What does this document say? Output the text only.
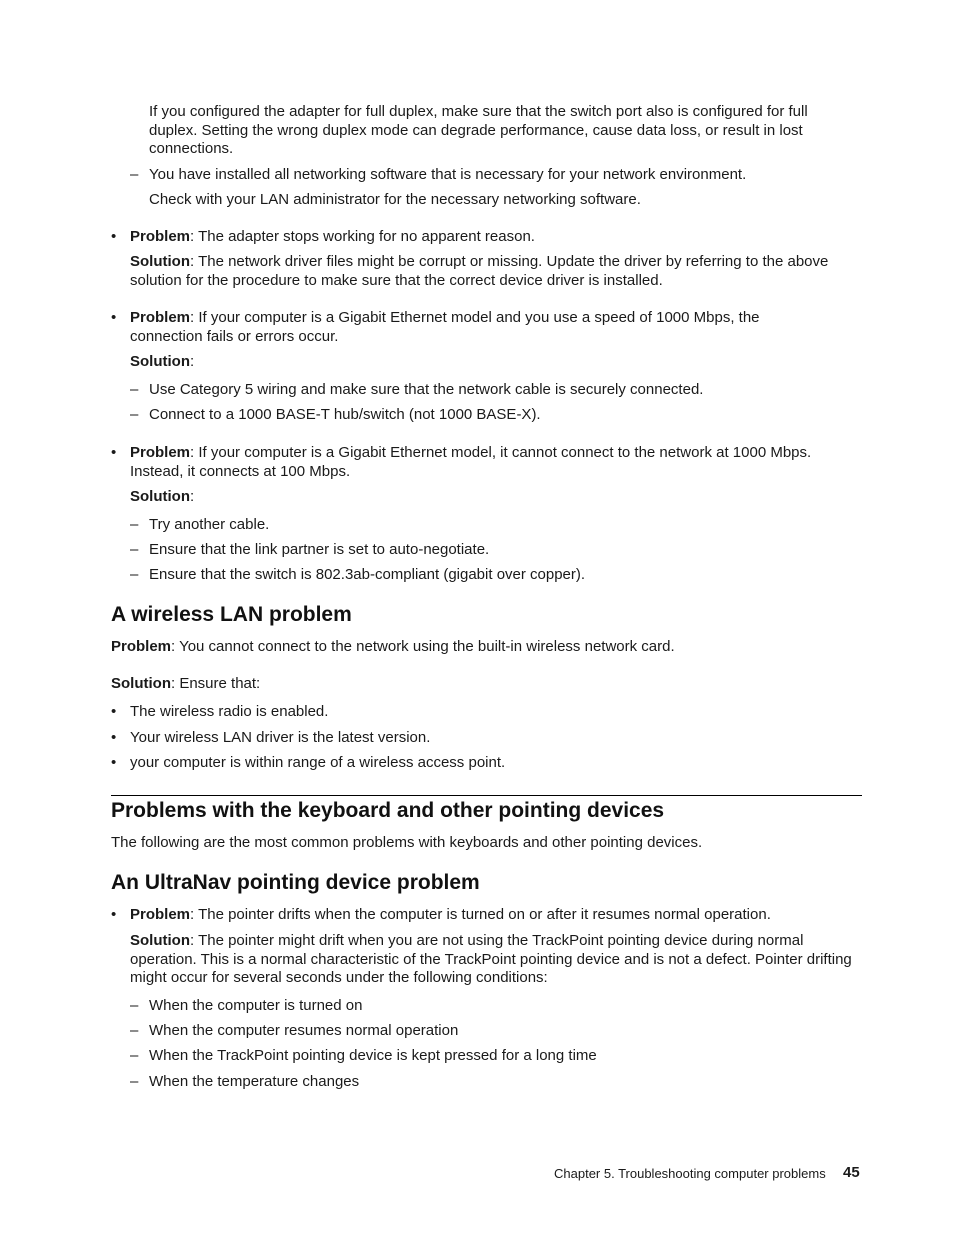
If you configured the adapter for full duplex, make sure that the switch port also is configured for full duplex. Setting the wrong duplex mode can degrade performance, cause data loss, or result in lost connections.

– You have installed all networking software that is necessary for your network environment.

Check with your LAN administrator for the necessary networking software.

• Problem: The adapter stops working for no apparent reason.

Solution: The network driver files might be corrupt or missing. Update the driver by referring to the above solution for the procedure to make sure that the correct device driver is installed.

• Problem: If your computer is a Gigabit Ethernet model and you use a speed of 1000 Mbps, the connection fails or errors occur.

Solution:

– Use Category 5 wiring and make sure that the network cable is securely connected.

– Connect to a 1000 BASE-T hub/switch (not 1000 BASE-X).

• Problem: If your computer is a Gigabit Ethernet model, it cannot connect to the network at 1000 Mbps. Instead, it connects at 100 Mbps.

Solution:

– Try another cable.

– Ensure that the link partner is set to auto-negotiate.

– Ensure that the switch is 802.3ab-compliant (gigabit over copper).

A wireless LAN problem

Problem: You cannot connect to the network using the built-in wireless network card.

Solution: Ensure that:

• The wireless radio is enabled.

• Your wireless LAN driver is the latest version.

• your computer is within range of a wireless access point.

Problems with the keyboard and other pointing devices

The following are the most common problems with keyboards and other pointing devices.

An UltraNav pointing device problem
• Problem: The pointer drifts when the computer is turned on or after it resumes normal operation.

Solution: The pointer might drift when you are not using the TrackPoint pointing device during normal operation. This is a normal characteristic of the TrackPoint pointing device and is not a defect. Pointer drifting might occur for several seconds under the following conditions:

– When the computer is turned on

– When the computer resumes normal operation

– When the TrackPoint pointing device is kept pressed for a long time

– When the temperature changes

Chapter 5. Troubleshooting computer problems 45
